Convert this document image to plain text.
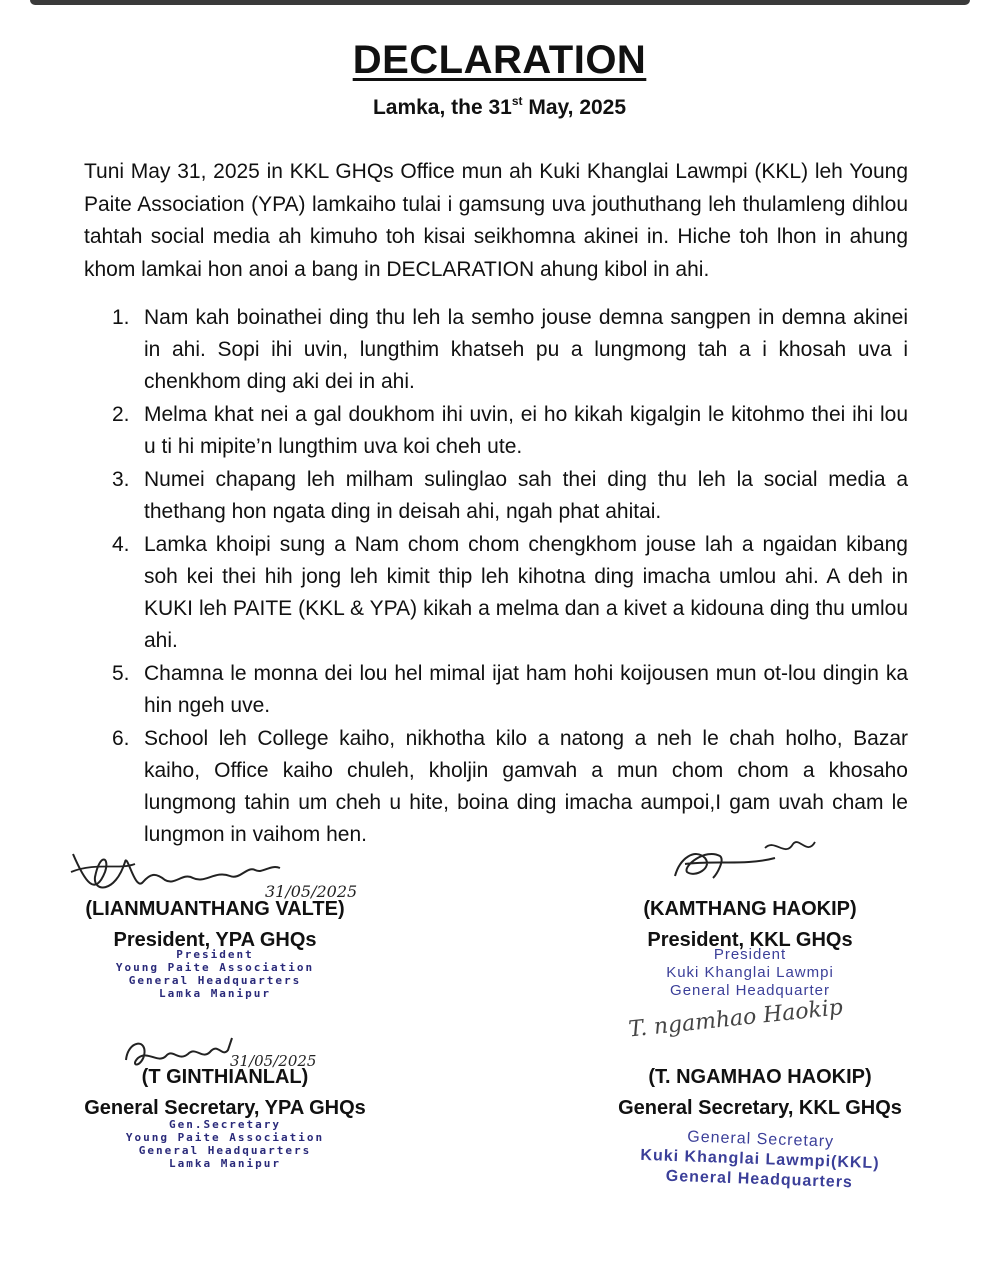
DECLARATION
Lamka, the 31st May, 2025

Tuni May 31, 2025 in KKL GHQs Office mun ah Kuki Khanglai Lawmpi (KKL) leh Young Paite Association (YPA) lamkaiho tulai i gamsung uva jouthuthang leh thulamleng dihlou tahtah social media ah kimuho toh kisai seikhomna akinei in. Hiche toh lhon in ahung khom lamkai hon anoi a bang in DECLARATION ahung kibol in ahi.

1. Nam kah boinathei ding thu leh la semho jouse demna sangpen in demna akinei in ahi. Sopi ihi uvin, lungthim khatseh pu a lungmong tah a i khosah uva i chenkhom ding aki dei in ahi.
2. Melma khat nei a gal doukhom ihi uvin, ei ho kikah kigalgin le kitohmo thei ihi lou u ti hi mipite’n lungthim uva koi cheh ute.
3. Numei chapang leh milham sulinglao sah thei ding thu leh la social media a thethang hon ngata ding in deisah ahi, ngah phat ahitai.
4. Lamka khoipi sung a Nam chom chom chengkhom jouse lah a ngaidan kibang soh kei thei hih jong leh kimit thip leh kihotna ding imacha umlou ahi. A deh in KUKI leh PAITE (KKL & YPA) kikah a melma dan a kivet a kidouna ding thu umlou ahi.
5. Chamna le monna dei lou hel mimal ijat ham hohi koijousen mun ot-lou dingin ka hin ngeh uve.
6. School leh College kaiho, nikhotha kilo a natong a neh le chah holho, Bazar kaiho, Office kaiho chuleh, kholjin gamvah a mun chom chom a khosaho lungmong tahin um cheh u hite, boina ding imacha aumpoi,I gam uvah cham le lungmon in vaihom hen.
31/05/2025
(LIANMUANTHANG VALTE)
President, YPA GHQs
President
Young Paite Association
General Headquarters
Lamka Manipur
(KAMTHANG HAOKIP)
President, KKL GHQs
President
Kuki Khanglai Lawmpi
General Headquarter
31/05/2025
(T GINTHIANLAL)
General Secretary, YPA GHQs
Gen.Secretary
Young Paite Association
General Headquarters
Lamka Manipur
T. ngamhao Haokip
(T. NGAMHAO HAOKIP)
General Secretary, KKL GHQs
General Secretary
Kuki Khanglai Lawmpi(KKL)
General Headquarters
